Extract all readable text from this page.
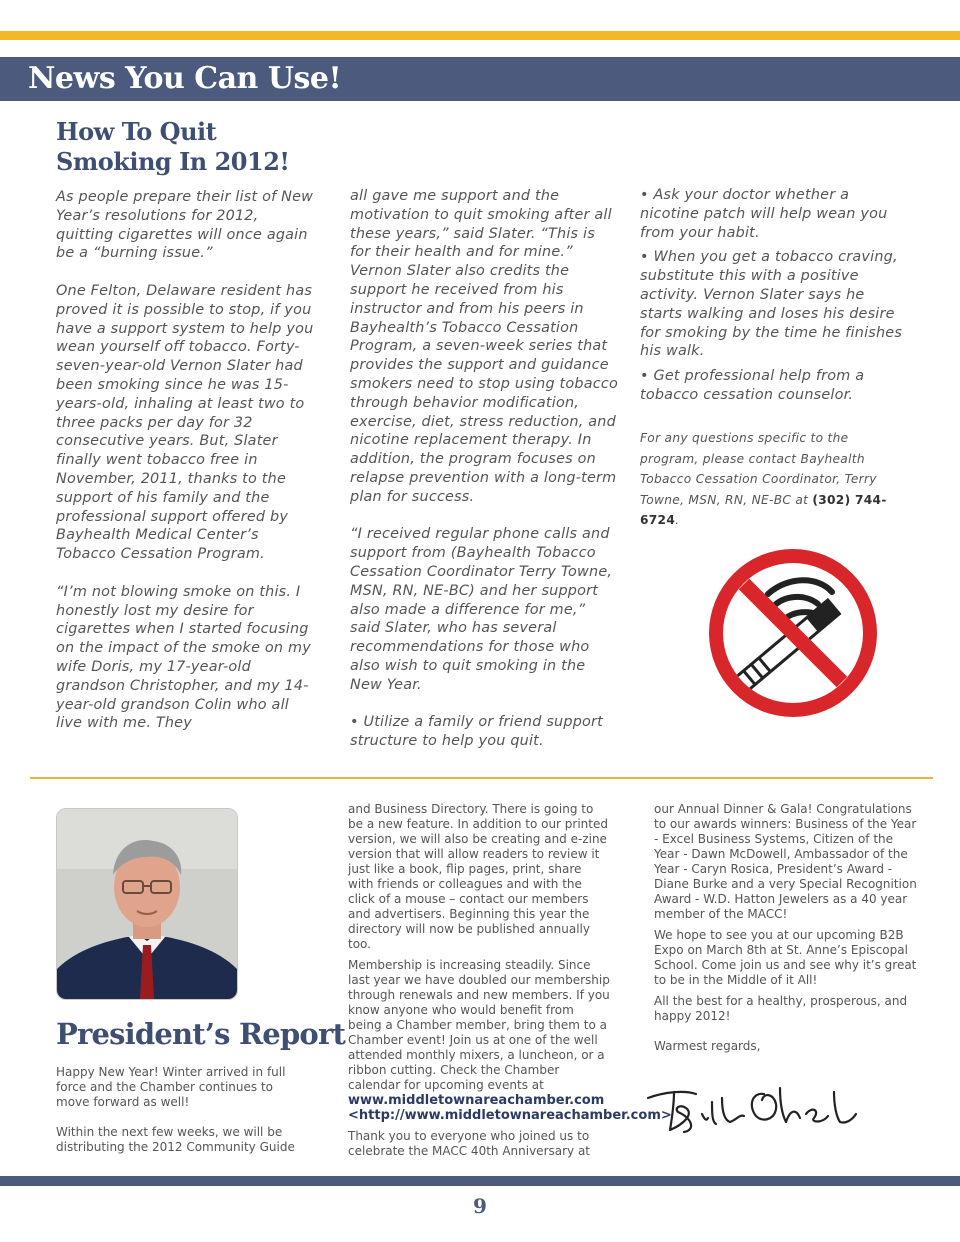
News You Can Use!
How To Quit Smoking In 2012!

As people prepare their list of New Year’s resolutions for 2012, quitting cigarettes will once again be a “burning issue.”

One Felton, Delaware resident has proved it is possible to stop, if you have a support system to help you wean yourself off tobacco. Forty-seven-year-old Vernon Slater had been smoking since he was 15-years-old, inhaling at least two to three packs per day for 32 consecutive years. But, Slater finally went tobacco free in November, 2011, thanks to the support of his family and the professional support offered by Bayhealth Medical Center’s Tobacco Cessation Program.

“I’m not blowing smoke on this. I honestly lost my desire for cigarettes when I started focusing on the impact of the smoke on my wife Doris, my 17-year-old grandson Christopher, and my 14-year-old grandson Colin who all live with me. They

all gave me support and the motivation to quit smoking after all these years,” said Slater. “This is for their health and for mine.” Vernon Slater also credits the support he received from his instructor and from his peers in Bayhealth’s Tobacco Cessation Program, a seven-week series that provides the support and guidance smokers need to stop using tobacco through behavior modification, exercise, diet, stress reduction, and nicotine replacement therapy. In addition, the program focuses on relapse prevention with a long-term plan for success.

“I received regular phone calls and support from (Bayhealth Tobacco Cessation Coordinator Terry Towne, MSN, RN, NE-BC) and her support also made a difference for me,” said Slater, who has several recommendations for those who also wish to quit smoking in the New Year.

• Utilize a family or friend support structure to help you quit.

• Ask your doctor whether a nicotine patch will help wean you from your habit.

• When you get a tobacco craving, substitute this with a positive activity. Vernon Slater says he starts walking and loses his desire for smoking by the time he finishes his walk.

• Get professional help from a tobacco cessation counselor.

For any questions specific to the program, please contact Bayhealth Tobacco Cessation Coordinator, Terry Towne, MSN, RN, NE-BC at (302) 744-6724.

President’s Report

Happy New Year! Winter arrived in full force and the Chamber continues to move forward as well!

Within the next few weeks, we will be distributing the 2012 Community Guide

and Business Directory. There is going to be a new feature. In addition to our printed version, we will also be creating and e-zine version that will allow readers to review it just like a book, flip pages, print, share with friends or colleagues and with the click of a mouse – contact our members and advertisers. Beginning this year the directory will now be published annually too.

Membership is increasing steadily. Since last year we have doubled our membership through renewals and new members. If you know anyone who would benefit from being a Chamber member, bring them to a Chamber event! Join us at one of the well attended monthly mixers, a luncheon, or a ribbon cutting. Check the Chamber calendar for upcoming events at www.middletownareachamber.com <http://www.middletownareachamber.com>

Thank you to everyone who joined us to celebrate the MACC 40th Anniversary at

our Annual Dinner & Gala! Congratulations to our awards winners: Business of the Year - Excel Business Systems, Citizen of the Year - Dawn McDowell, Ambassador of the Year - Caryn Rosica, President’s Award - Diane Burke and a very Special Recognition Award - W.D. Hatton Jewelers as a 40 year member of the MACC!

We hope to see you at our upcoming B2B Expo on March 8th at St. Anne’s Episcopal School. Come join us and see why it’s great to be in the Middle of it All!

All the best for a healthy, prosperous, and happy 2012!

Warmest regards,

9
